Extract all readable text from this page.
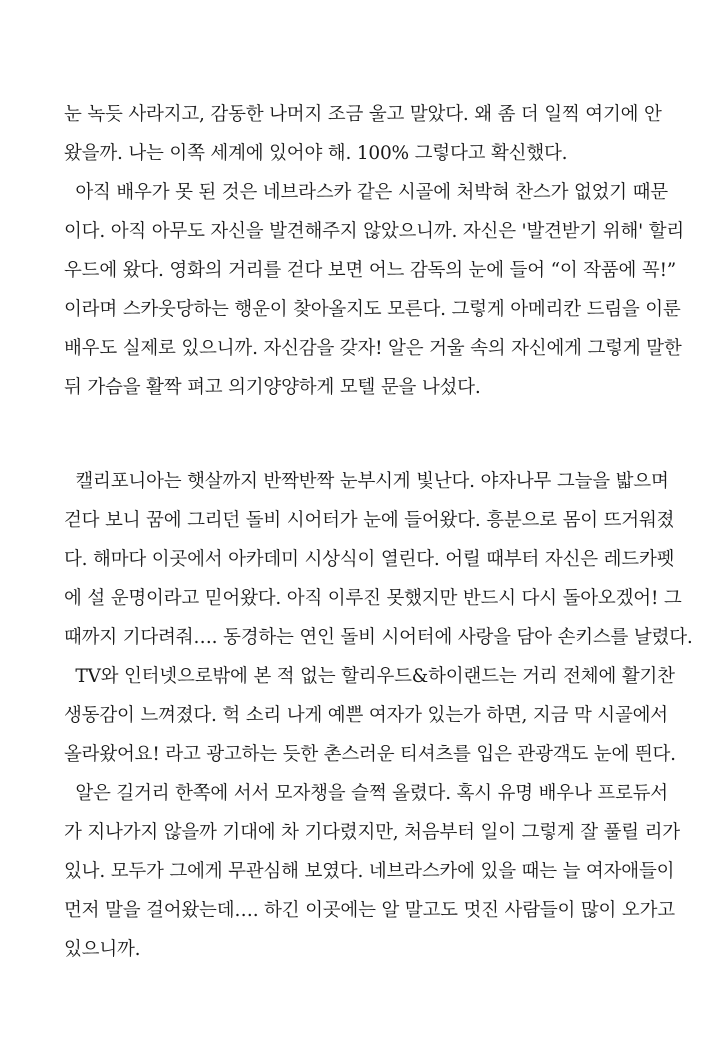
눈 녹듯 사라지고, 감동한 나머지 조금 울고 말았다. 왜 좀 더 일찍 여기에 안
왔을까. 나는 이쪽 세계에 있어야 해. 100% 그렇다고 확신했다.
아직 배우가 못 된 것은 네브라스카 같은 시골에 처박혀 찬스가 없었기 때문
이다. 아직 아무도 자신을 발견해주지 않았으니까. 자신은 '발견받기 위해' 할리
우드에 왔다. 영화의 거리를 걷다 보면 어느 감독의 눈에 들어 “이 작품에 꼭!”
이라며 스카웃당하는 행운이 찾아올지도 모른다. 그렇게 아메리칸 드림을 이룬
배우도 실제로 있으니까. 자신감을 갖자! 알은 거울 속의 자신에게 그렇게 말한
뒤 가슴을 활짝 펴고 의기양양하게 모텔 문을 나섰다.
캘리포니아는 햇살까지 반짝반짝 눈부시게 빛난다. 야자나무 그늘을 밟으며
걷다 보니 꿈에 그리던 돌비 시어터가 눈에 들어왔다. 흥분으로 몸이 뜨거워졌
다. 해마다 이곳에서 아카데미 시상식이 열린다. 어릴 때부터 자신은 레드카펫
에 설 운명이라고 믿어왔다. 아직 이루진 못했지만 반드시 다시 돌아오겠어! 그
때까지 기다려줘…. 동경하는 연인 돌비 시어터에 사랑을 담아 손키스를 날렸다.
TV와 인터넷으로밖에 본 적 없는 할리우드&하이랜드는 거리 전체에 활기찬
생동감이 느껴졌다. 헉 소리 나게 예쁜 여자가 있는가 하면, 지금 막 시골에서
올라왔어요! 라고 광고하는 듯한 촌스러운 티셔츠를 입은 관광객도 눈에 띈다.
알은 길거리 한쪽에 서서 모자챙을 슬쩍 올렸다. 혹시 유명 배우나 프로듀서
가 지나가지 않을까 기대에 차 기다렸지만, 처음부터 일이 그렇게 잘 풀릴 리가
있나. 모두가 그에게 무관심해 보였다. 네브라스카에 있을 때는 늘 여자애들이
먼저 말을 걸어왔는데…. 하긴 이곳에는 알 말고도 멋진 사람들이 많이 오가고
있으니까.
